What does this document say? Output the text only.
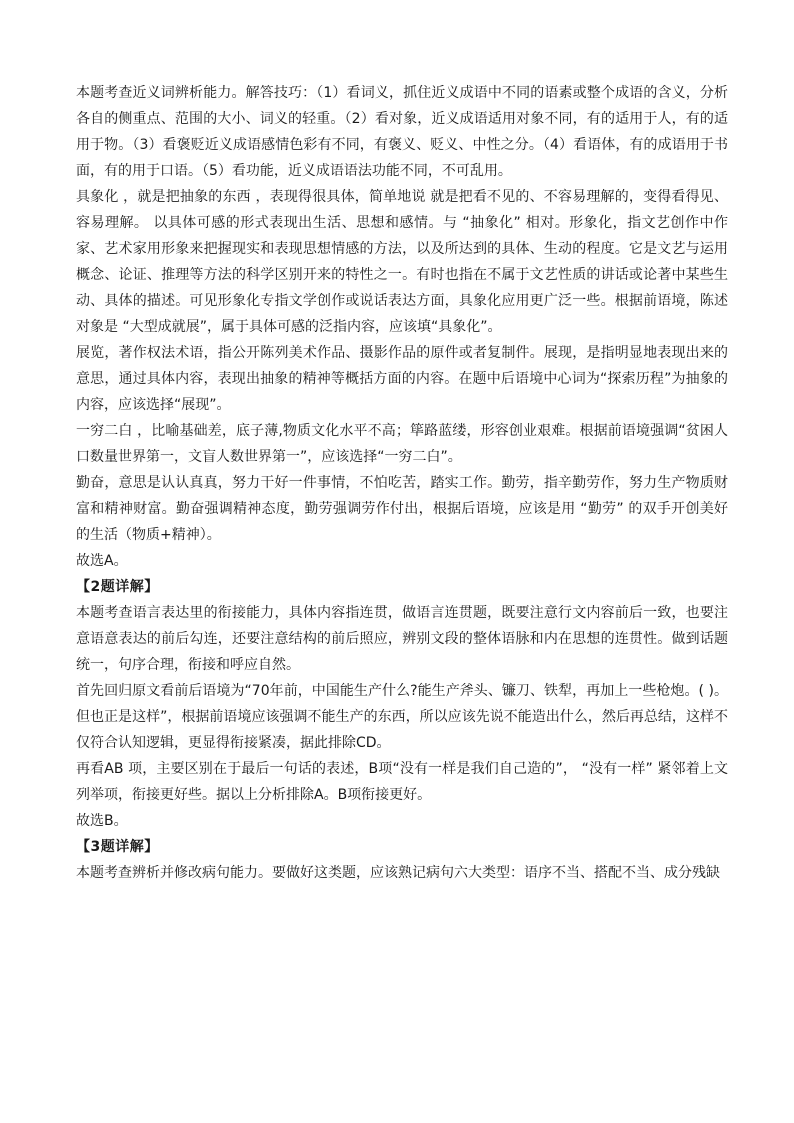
本题考查近义词辨析能力。解答技巧：（1）看词义，抓住近义成语中不同的语素或整个成语的含义，分析各自的侧重点、范围的大小、词义的轻重。（2）看对象，近义成语适用对象不同，有的适用于人，有的适用于物。（3）看褒贬近义成语感情色彩有不同，有褒义、贬义、中性之分。（4）看语体，有的成语用于书面，有的用于口语。（5）看功能，近义成语语法功能不同，不可乱用。

具象化 ，就是把抽象的东西 ，表现得很具体，简单地说 就是把看不见的、不容易理解的，变得看得见、容易理解。 以具体可感的形式表现出生活、思想和感情。与 “抽象化” 相对。形象化，指文艺创作中作家、艺术家用形象来把握现实和表现思想情感的方法，以及所达到的具体、生动的程度。它是文艺与运用概念、论证、推理等方法的科学区别开来的特性之一。有时也指在不属于文艺性质的讲话或论著中某些生动、具体的描述。可见形象化专指文学创作或说话表达方面，具象化应用更广泛一些。根据前语境，陈述对象是 “大型成就展”，属于具体可感的泛指内容，应该填“具象化”。

展览，著作权法术语，指公开陈列美术作品、摄影作品的原件或者复制件。展现，是指明显地表现出来的意思，通过具体内容，表现出抽象的精神等概括方面的内容。在题中后语境中心词为“探索历程”为抽象的内容，应该选择“展现”。

一穷二白 ，比喻基础差，底子薄,物质文化水平不高；筚路蓝缕，形容创业艰难。根据前语境强调“贫困人口数量世界第一，文盲人数世界第一”，应该选择“一穷二白”。

勤奋，意思是认认真真，努力干好一件事情，不怕吃苦，踏实工作。勤劳，指辛勤劳作，努力生产物质财富和精神财富。勤奋强调精神态度，勤劳强调劳作付出，根据后语境，应该是用 “勤劳” 的双手开创美好的生活（物质+精神）。

故选A。

【2题详解】

本题考查语言表达里的衔接能力，具体内容指连贯，做语言连贯题，既要注意行文内容前后一致，也要注意语意表达的前后勾连，还要注意结构的前后照应，辨别文段的整体语脉和内在思想的连贯性。做到话题统一，句序合理，衔接和呼应自然。

首先回归原文看前后语境为“70年前，中国能生产什么?能生产斧头、镰刀、铁犁，再加上一些枪炮。( )。但也正是这样”，根据前语境应该强调不能生产的东西，所以应该先说不能造出什么，然后再总结，这样不仅符合认知逻辑，更显得衔接紧凑，据此排除CD。

再看AB 项，主要区别在于最后一句话的表述，B项“没有一样是我们自己造的”， “没有一样” 紧邻着上文列举项，衔接更好些。据以上分析排除A。B项衔接更好。

故选B。

【3题详解】

本题考查辨析并修改病句能力。要做好这类题，应该熟记病句六大类型：语序不当、搭配不当、成分残缺
